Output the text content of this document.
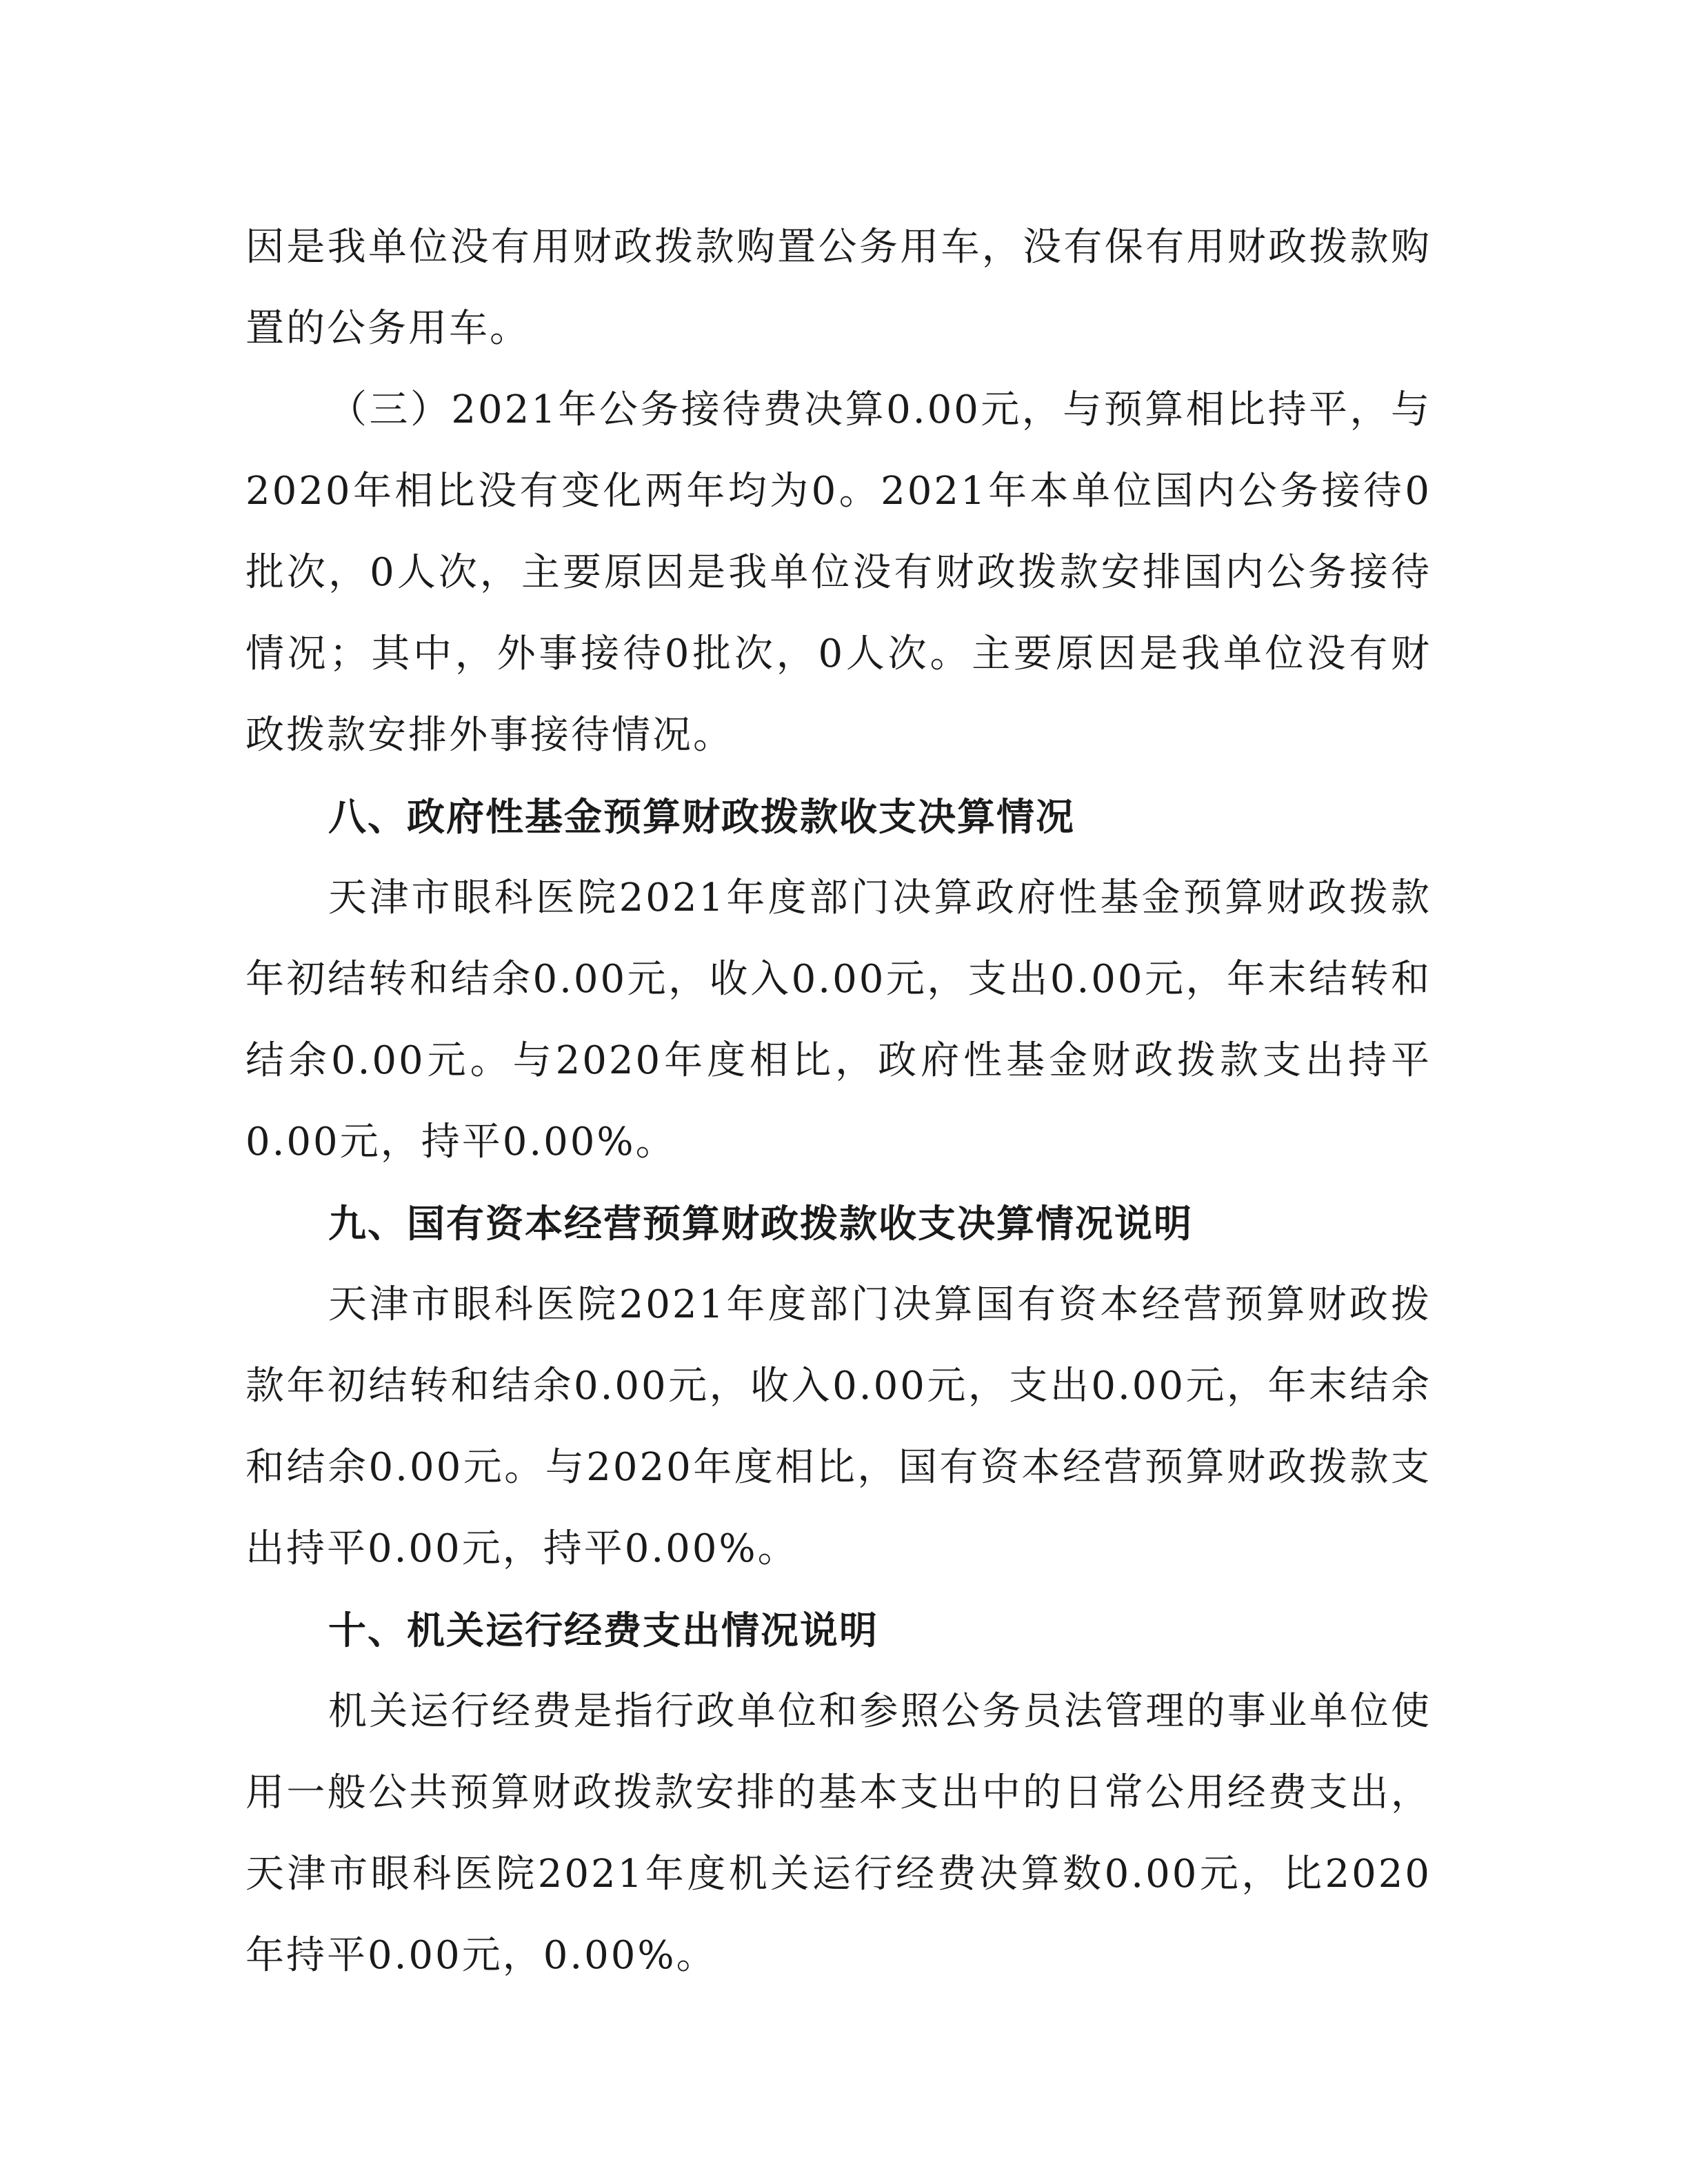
因是我单位没有用财政拨款购置公务用车，没有保有用财政拨款购置的公务用车。

（三）2021年公务接待费决算0.00元，与预算相比持平，与2020年相比没有变化两年均为0。2021年本单位国内公务接待0批次，0人次，主要原因是我单位没有财政拨款安排国内公务接待情况；其中，外事接待0批次，0人次。主要原因是我单位没有财政拨款安排外事接待情况。

八、政府性基金预算财政拨款收支决算情况

天津市眼科医院2021年度部门决算政府性基金预算财政拨款年初结转和结余0.00元，收入0.00元，支出0.00元，年末结转和结余0.00元。与2020年度相比，政府性基金财政拨款支出持平0.00元，持平0.00%。

九、国有资本经营预算财政拨款收支决算情况说明

天津市眼科医院2021年度部门决算国有资本经营预算财政拨款年初结转和结余0.00元，收入0.00元，支出0.00元，年末结余和结余0.00元。与2020年度相比，国有资本经营预算财政拨款支出持平0.00元，持平0.00%。

十、机关运行经费支出情况说明

机关运行经费是指行政单位和参照公务员法管理的事业单位使用一般公共预算财政拨款安排的基本支出中的日常公用经费支出，天津市眼科医院2021年度机关运行经费决算数0.00元，比2020年持平0.00元，0.00%。
